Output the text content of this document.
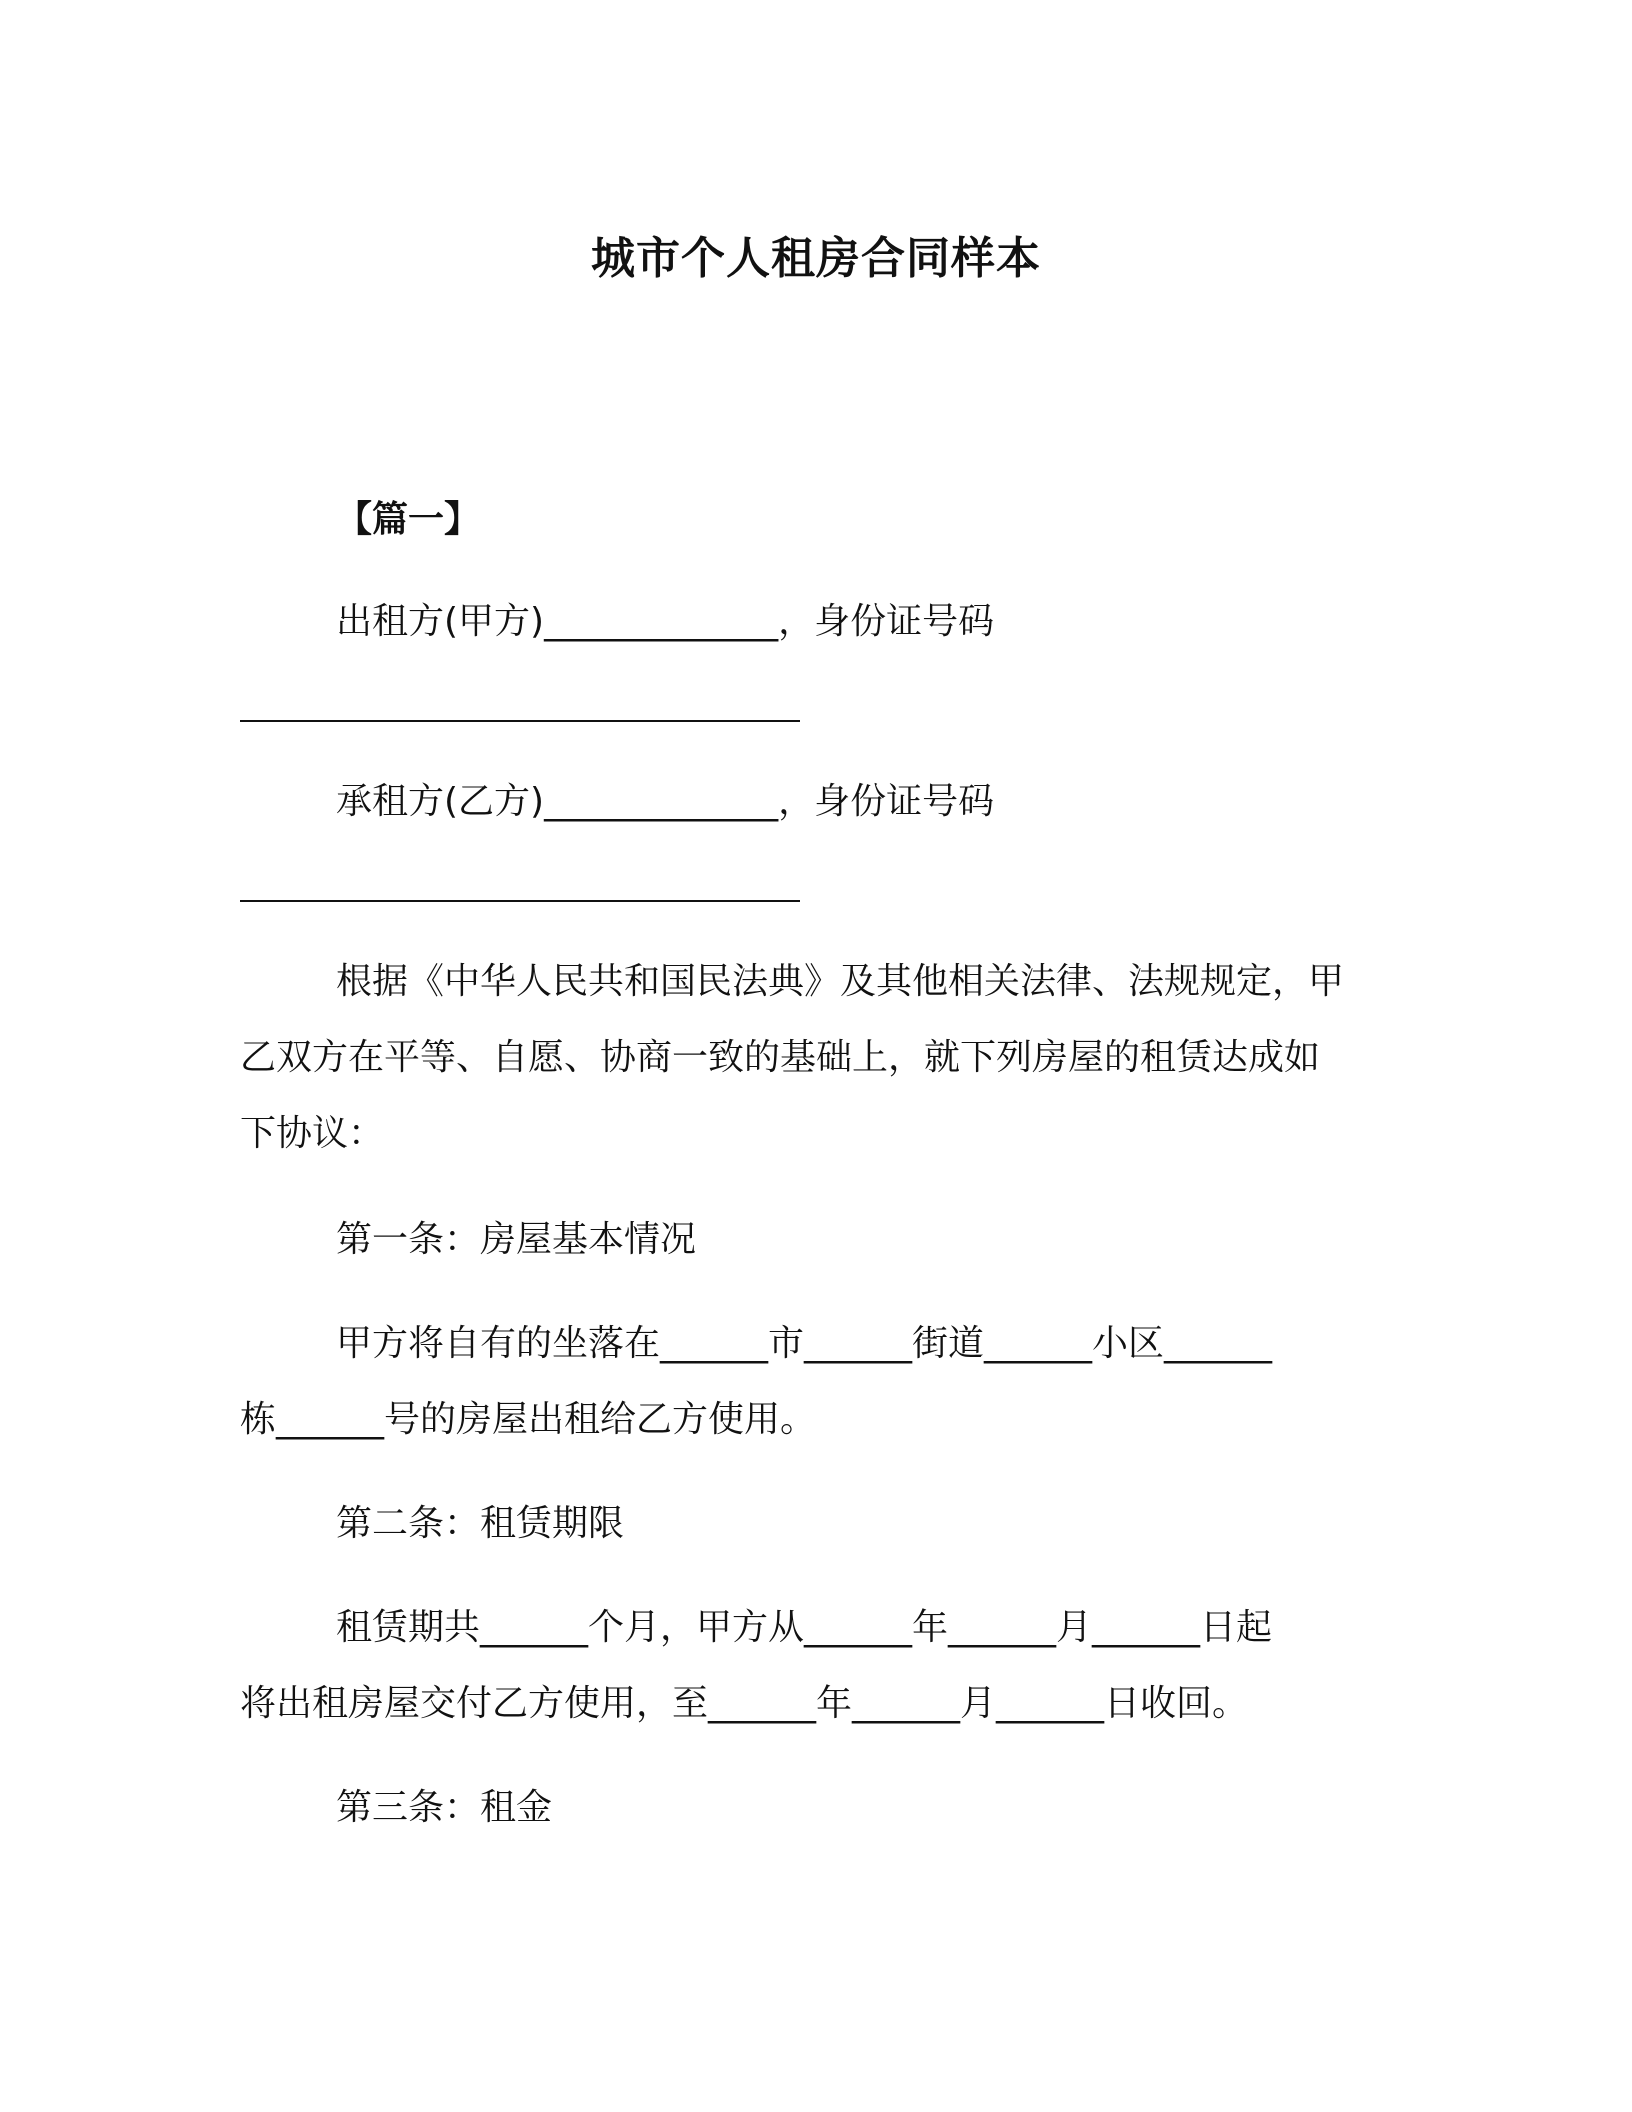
城市个人租房合同样本
【篇一】
出租方(甲方)_____________，身份证号码
承租方(乙方)_____________，身份证号码
根据《中华人民共和国民法典》及其他相关法律、法规规定，甲
乙双方在平等、自愿、协商一致的基础上，就下列房屋的租赁达成如
下协议：
第一条：房屋基本情况
甲方将自有的坐落在______市______街道______小区______
栋______号的房屋出租给乙方使用。
第二条：租赁期限
租赁期共______个月，甲方从______年______月______日起
将出租房屋交付乙方使用，至______年______月______日收回。
第三条：租金
